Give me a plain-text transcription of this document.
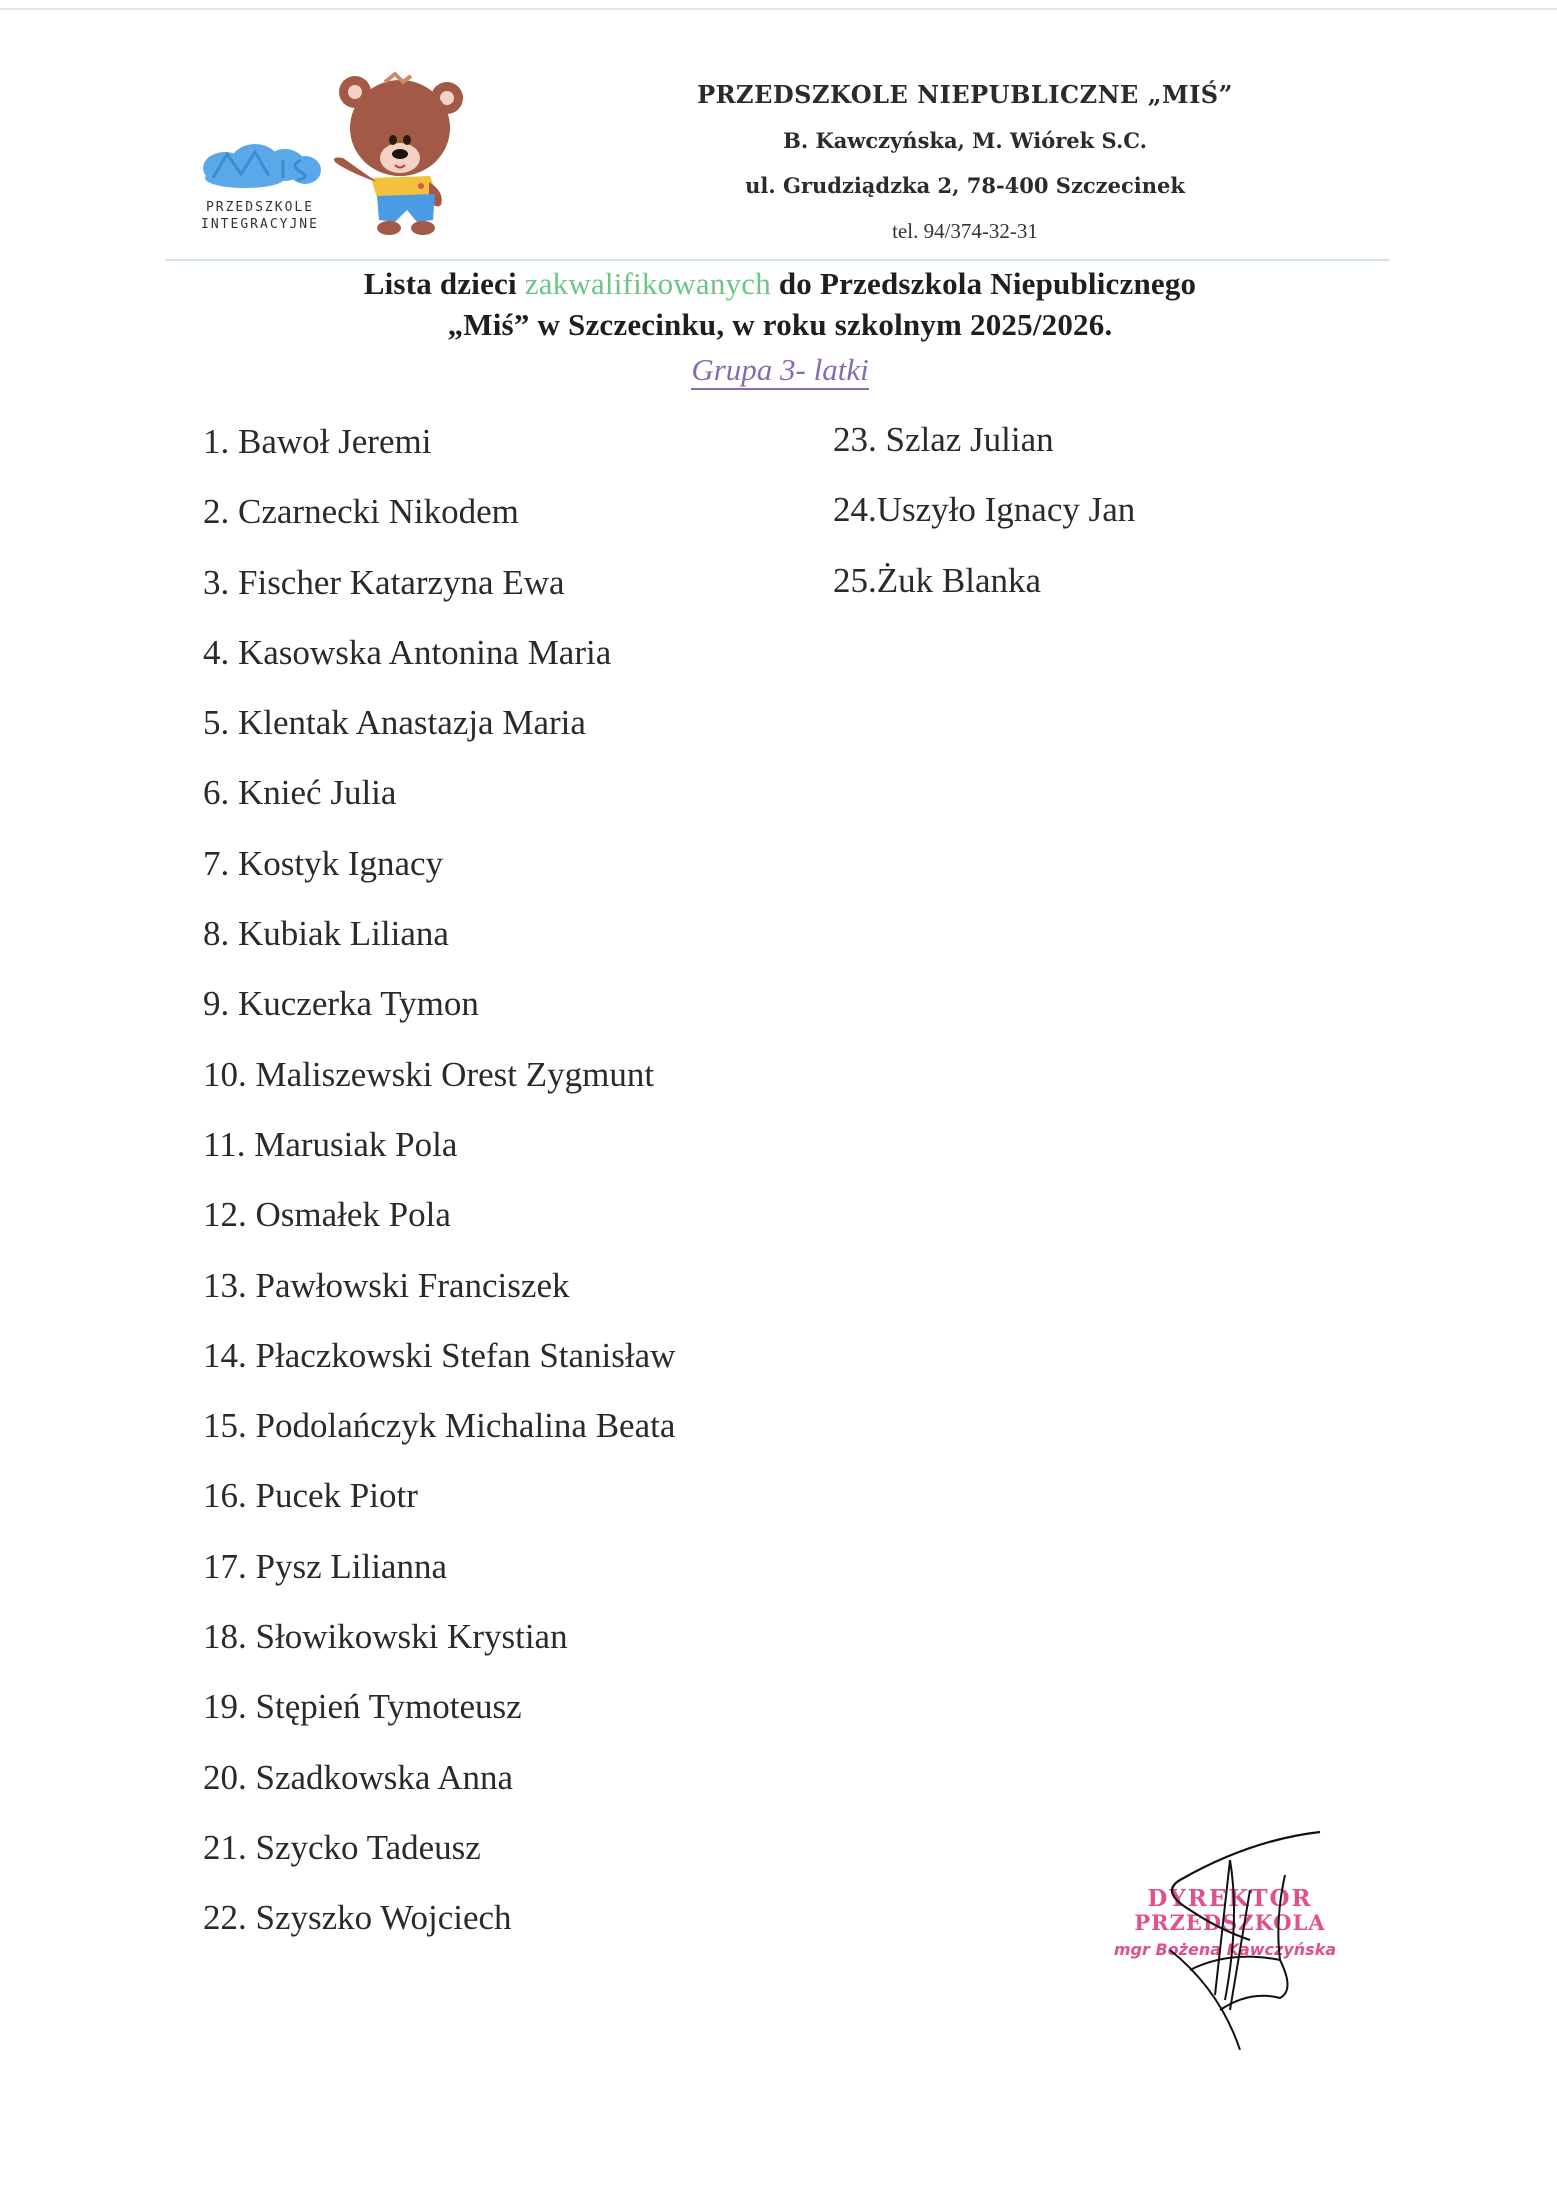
PRZEDSZKOLE
INTEGRACYJNE
PRZEDSZKOLE NIEPUBLICZNE „MIŚ”
B. Kawczyńska, M. Wiórek S.C.
ul. Grudziądzka 2, 78-400 Szczecinek
tel. 94/374-32-31
Lista dzieci zakwalifikowanych do Przedszkola Niepublicznego
„Miś” w Szczecinku, w roku szkolnym 2025/2026.
Grupa 3- latki
1. Bawoł Jeremi
2. Czarnecki Nikodem
3. Fischer Katarzyna Ewa
4. Kasowska Antonina Maria
5. Klentak Anastazja Maria
6. Knieć Julia
7. Kostyk Ignacy
8. Kubiak Liliana
9. Kuczerka Tymon
10. Maliszewski Orest Zygmunt
11. Marusiak Pola
12. Osmałek Pola
13. Pawłowski Franciszek
14. Płaczkowski Stefan Stanisław
15. Podolańczyk Michalina Beata
16. Pucek Piotr
17. Pysz Lilianna
18. Słowikowski Krystian
19. Stępień Tymoteusz
20. Szadkowska Anna
21. Szycko Tadeusz
22. Szyszko Wojciech
23. Szlaz Julian
24.Uszyło Ignacy Jan
25.Żuk Blanka
DYREKTOR
PRZEDSZKOLA
mgr Bożena Kawczyńska
